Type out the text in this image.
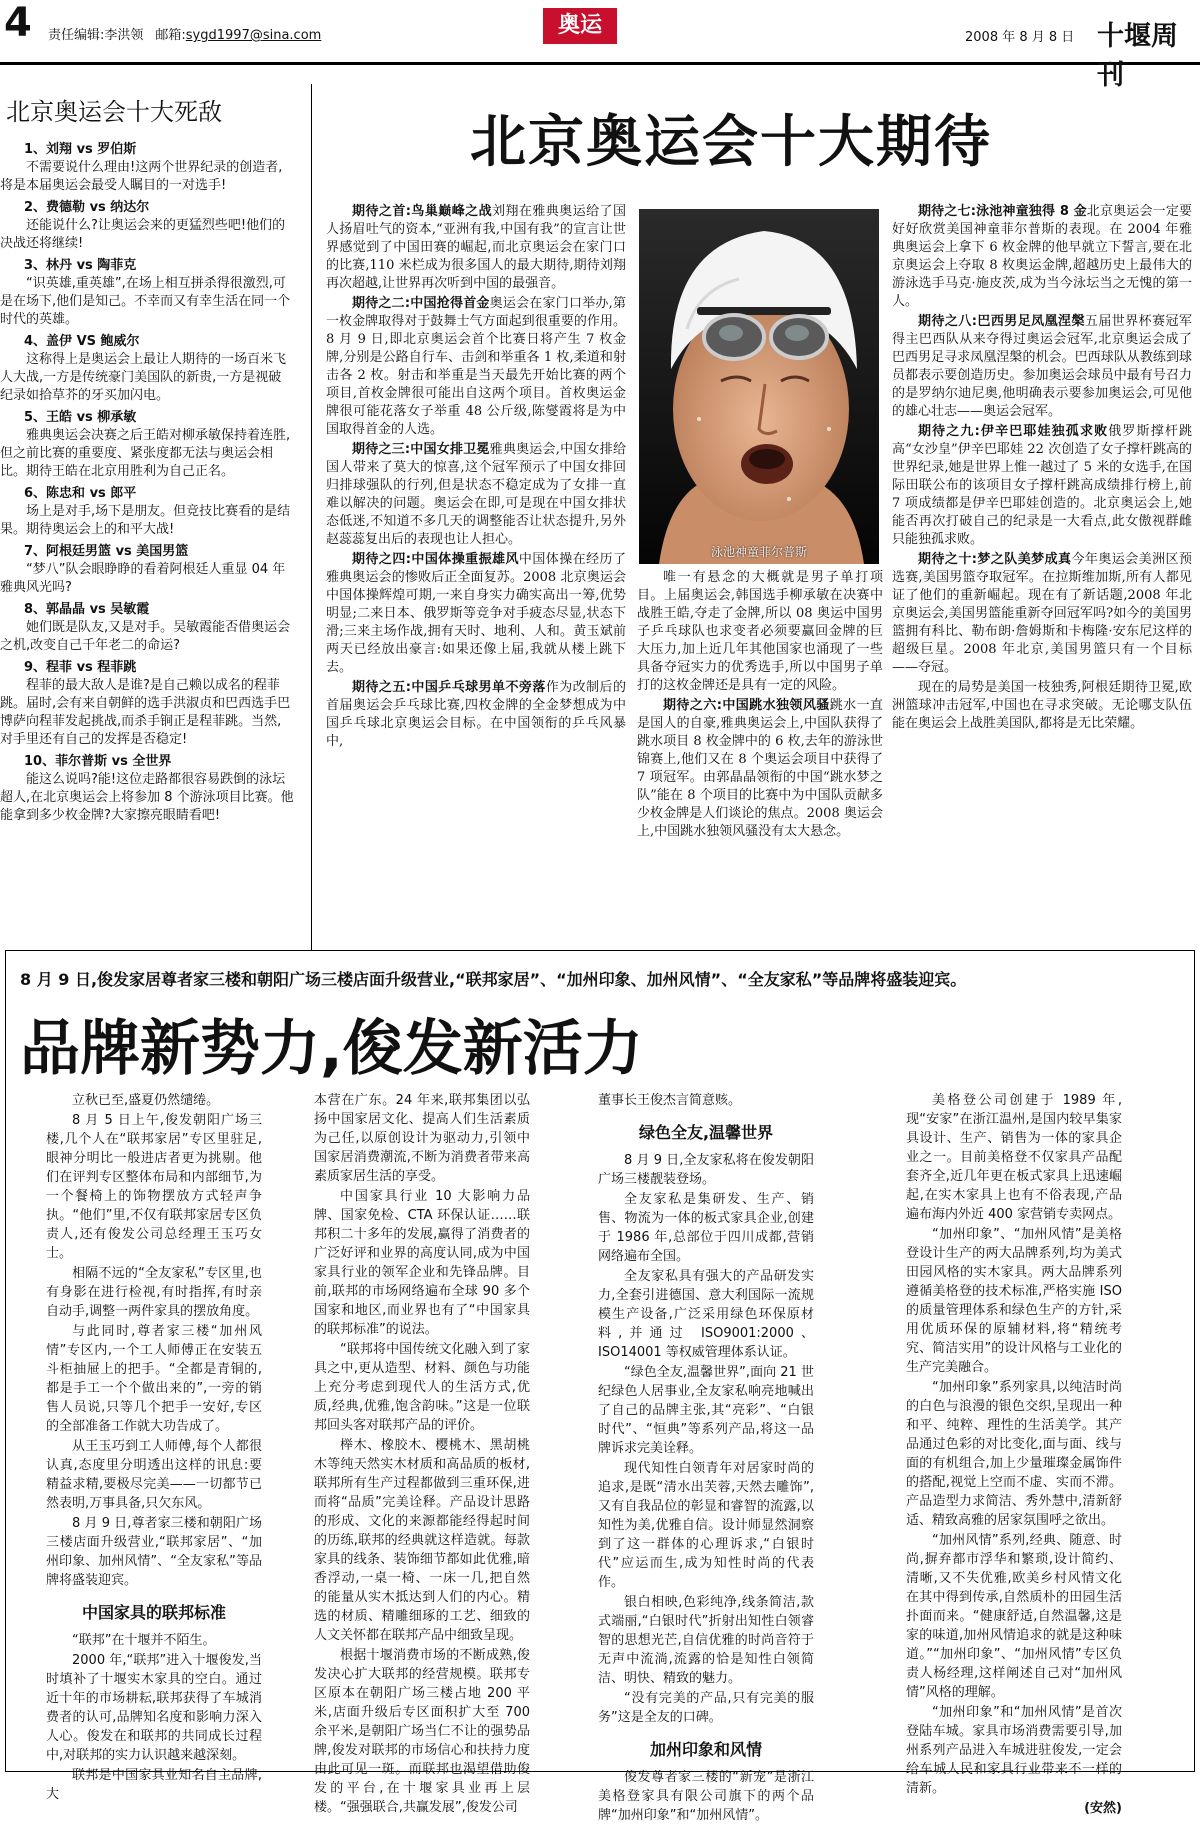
4 责任编辑:李洪领 邮箱:sygd1997@sina.com	奥运	2008 年 8 月 8 日 十堰周刊
北京奥运会十大死敌
1、刘翔 vs 罗伯斯
不需要说什么理由!这两个世界纪录的创造者,将是本届奥运会最受人瞩目的一对选手!
2、费德勒 vs 纳达尔
还能说什么?让奥运会来的更猛烈些吧!他们的决战还将继续!
3、林丹 vs 陶菲克
“识英雄,重英雄”,在场上相互拼杀得很激烈,可是在场下,他们是知己。不幸而又有幸生活在同一个时代的英雄。
4、盖伊 VS 鲍威尔
这称得上是奥运会上最让人期待的一场百米飞人大战,一方是传统豪门美国队的新贵,一方是视破纪录如拾草芥的牙买加闪电。
5、王皓 vs 柳承敏
雅典奥运会决赛之后王皓对柳承敏保持着连胜,但之前比赛的重要度、紧张度都无法与奥运会相比。期待王皓在北京用胜利为自己正名。
6、陈忠和 vs 郎平
场上是对手,场下是朋友。但竞技比赛看的是结果。期待奥运会上的和平大战!
7、阿根廷男篮 vs 美国男篮
“梦八”队会眼睁睁的看着阿根廷人重显 04 年雅典风光吗?
8、郭晶晶 vs 吴敏霞
她们既是队友,又是对手。吴敏霞能否借奥运会之机,改变自己千年老二的命运?
9、程菲 vs 程菲跳
程菲的最大敌人是谁?是自己赖以成名的程菲跳。届时,会有来自朝鲜的选手洪淑贞和巴西选手巴博萨向程菲发起挑战,而杀手锏正是程菲跳。当然,对手里还有自己的发挥是否稳定!
10、菲尔普斯 vs 全世界
能这么说吗?能!这位走路都很容易跌倒的泳坛超人,在北京奥运会上将参加 8 个游泳项目比赛。他能拿到多少枚金牌?大家擦亮眼睛看吧!
北京奥运会十大期待

期待之首:鸟巢巅峰之战刘翔在雅典奥运给了国人扬眉吐气的资本,“亚洲有我,中国有我”的宣言让世界感觉到了中国田赛的崛起,而北京奥运会在家门口的比赛,110 米栏成为很多国人的最大期待,期待刘翔再次超越,让世界再次听到中国的最强音。

期待之二:中国抢得首金奥运会在家门口举办,第一枚金牌取得对于鼓舞士气方面起到很重要的作用。8 月 9 日,即北京奥运会首个比赛日将产生 7 枚金牌,分别是公路自行车、击剑和举重各 1 枚,柔道和射击各 2 枚。射击和举重是当天最先开始比赛的两个项目,首枚金牌很可能出自这两个项目。首枚奥运金牌很可能花落女子举重 48 公斤级,陈燮霞将是为中国取得首金的人选。

期待之三:中国女排卫冕雅典奥运会,中国女排给国人带来了莫大的惊喜,这个冠军预示了中国女排回归排球强队的行列,但是状态不稳定成为了女排一直难以解决的问题。奥运会在即,可是现在中国女排状态低迷,不知道不多几天的调整能否让状态提升,另外赵蕊蕊复出后的表现也让人担心。

期待之四:中国体操重振雄风中国体操在经历了雅典奥运会的惨败后正全面复苏。2008 北京奥运会中国体操辉煌可期,一来自身实力确实高出一筹,优势明显;二来日本、俄罗斯等竞争对手疲态尽显,状态下滑;三来主场作战,拥有天时、地利、人和。黄玉斌前两天已经放出豪言:如果还像上届,我就从楼上跳下去。

期待之五:中国乒乓球男单不旁落作为改制后的首届奥运会乒乓球比赛,四枚金牌的全金梦想成为中国乒乓球北京奥运会目标。在中国领衔的乒乓风暴中,

泳池神童菲尔普斯

唯一有悬念的大概就是男子单打项目。上届奥运会,韩国选手柳承敏在决赛中战胜王皓,夺走了金牌,所以 08 奥运中国男子乒乓球队也求变者必须要赢回金牌的巨大压力,加上近几年其他国家也涌现了一些具备夺冠实力的优秀选手,所以中国男子单打的这枚金牌还是具有一定的风险。

期待之六:中国跳水独领风骚跳水一直是国人的自豪,雅典奥运会上,中国队获得了跳水项目 8 枚金牌中的 6 枚,去年的游泳世锦赛上,他们又在 8 个奥运会项目中获得了 7 项冠军。由郭晶晶领衔的中国“跳水梦之队”能在 8 个项目的比赛中为中国队贡献多少枚金牌是人们谈论的焦点。2008 奥运会上,中国跳水独领风骚没有太大悬念。

期待之七:泳池神童独得 8 金北京奥运会一定要好好欣赏美国神童菲尔普斯的表现。在 2004 年雅典奥运会上拿下 6 枚金牌的他早就立下誓言,要在北京奥运会上夺取 8 枚奥运金牌,超越历史上最伟大的游泳选手马克·施皮茨,成为当今泳坛当之无愧的第一人。

期待之八:巴西男足凤凰涅槃五届世界杯赛冠军得主巴西队从来夺得过奥运会冠军,北京奥运会成了巴西男足寻求凤凰涅槃的机会。巴西球队从教练到球员都表示要创造历史。参加奥运会球员中最有号召力的是罗纳尔迪尼奥,他明确表示要参加奥运会,可见他的雄心壮志——奥运会冠军。

期待之九:伊辛巴耶娃独孤求败俄罗斯撑杆跳高“女沙皇”伊辛巴耶娃 22 次创造了女子撑杆跳高的世界纪录,她是世界上惟一越过了 5 米的女选手,在国际田联公布的该项目女子撑杆跳高成绩排行榜上,前 7 项成绩都是伊辛巴耶娃创造的。北京奥运会上,她能否再次打破自己的纪录是一大看点,此女傲视群雌只能独孤求败。

期待之十:梦之队美梦成真今年奥运会美洲区预选赛,美国男篮夺取冠军。在拉斯维加斯,所有人都见证了他们的重新崛起。现在有了新话题,2008 年北京奥运会,美国男篮能重新夺回冠军吗?如今的美国男篮拥有科比、勒布朗·詹姆斯和卡梅隆·安东尼这样的超级巨星。2008 年北京,美国男篮只有一个目标——夺冠。

现在的局势是美国一枝独秀,阿根廷期待卫冕,欧洲篮球冲击冠军,中国也在寻求突破。无论哪支队伍能在奥运会上战胜美国队,都将是无比荣耀。

8 月 9 日,俊发家居尊者家三楼和朝阳广场三楼店面升级营业,“联邦家居”、“加州印象、加州风情”、“全友家私”等品牌将盛装迎宾。
品牌新势力,俊发新活力

立秋已至,盛夏仍然缱绻。

8 月 5 日上午,俊发朝阳广场三楼,几个人在“联邦家居”专区里驻足,眼神分明比一般进店者更为挑剔。他们在评判专区整体布局和内部细节,为一个餐椅上的饰物摆放方式轻声争执。“他们”里,不仅有联邦家居专区负责人,还有俊发公司总经理王玉巧女士。

相隔不远的“全友家私”专区里,也有身影在进行检视,有时指挥,有时亲自动手,调整一两件家具的摆放角度。

与此同时,尊者家三楼“加州风情”专区内,一个工人师傅正在安装五斗柜抽屉上的把手。“全都是青铜的,都是手工一个个做出来的”,一旁的销售人员说,只等几个把手一安好,专区的全部准备工作就大功告成了。

从王玉巧到工人师傅,每个人都很认真,态度里分明透出这样的讯息:要精益求精,要极尽完美——一切都节已然表明,万事具备,只欠东风。

8 月 9 日,尊者家三楼和朝阳广场三楼店面升级营业,“联邦家居”、“加州印象、加州风情”、“全友家私”等品牌将盛装迎宾。

中国家具的联邦标准

“联邦”在十堰并不陌生。

2000 年,“联邦”进入十堰俊发,当时填补了十堰实木家具的空白。通过近十年的市场耕耘,联邦获得了车城消费者的认可,品牌知名度和影响力深入人心。俊发在和联邦的共同成长过程中,对联邦的实力认识越来越深刻。

联邦是中国家具业知名自主品牌,大

本营在广东。24 年来,联邦集团以弘扬中国家居文化、提高人们生活素质为己任,以原创设计为驱动力,引领中国家居消费潮流,不断为消费者带来高素质家居生活的享受。

中国家具行业 10 大影响力品牌、国家免检、CTA 环保认证……联邦积二十多年的发展,赢得了消费者的广泛好评和业界的高度认同,成为中国家具行业的领军企业和先锋品牌。目前,联邦的市场网络遍布全球 90 多个国家和地区,而业界也有了“中国家具的联邦标准”的说法。

“联邦将中国传统文化融入到了家具之中,更从造型、材料、颜色与功能上充分考虑到现代人的生活方式,优质,经典,优雅,饱含韵味。”这是一位联邦回头客对联邦产品的评价。

榉木、橡胶木、樱桃木、黑胡桃木等纯天然实木材质和高品质的板材,联邦所有生产过程都做到三重环保,进而将“品质”完美诠释。产品设计思路的形成、文化的来源都能经得起时间的历练,联邦的经典就这样造就。每款家具的线条、装饰细节都如此优雅,暗香浮动,一桌一椅、一床一几,把自然的能量从实木抵达到人们的内心。精选的材质、精雕细琢的工艺、细致的人文关怀都在联邦产品中细致呈现。

根据十堰消费市场的不断成熟,俊发决心扩大联邦的经营规模。联邦专区原本在朝阳广场三楼占地 200 平米,店面升级后专区面积扩大至 700 余平米,是朝阳广场当仁不让的强势品牌,俊发对联邦的市场信心和扶持力度由此可见一斑。而联邦也渴望借助俊发的平台,在十堰家具业再上层楼。“强强联合,共赢发展”,俊发公司

董事长王俊杰言简意赅。

绿色全友,温馨世界

8 月 9 日,全友家私将在俊发朝阳广场三楼靓装登场。

全友家私是集研发、生产、销售、物流为一体的板式家具企业,创建于 1986 年,总部位于四川成都,营销网络遍布全国。

全友家私具有强大的产品研发实力,全套引进德国、意大利国际一流规模生产设备,广泛采用绿色环保原材料,并通过 ISO9001:2000、ISO14001 等权威管理体系认证。

“绿色全友,温馨世界”,面向 21 世纪绿色人居事业,全友家私响亮地喊出了自己的品牌主张,其“亮彩”、“白银时代”、“恒典”等系列产品,将这一品牌诉求完美诠释。

现代知性白领青年对居家时尚的追求,是既“清水出芙蓉,天然去雕饰”,又有自我品位的彰显和睿智的流露,以知性为美,优雅自信。设计师显然洞察到了这一群体的心理诉求,“白银时代”应运而生,成为知性时尚的代表作。

银白相映,色彩纯净,线条简洁,款式端丽,“白银时代”折射出知性白领睿智的思想光芒,自信优雅的时尚音符于无声中流淌,流露的恰是知性白领简洁、明快、精致的魅力。

“没有完美的产品,只有完美的服务”这是全友的口碑。

加州印象和风情

俊发尊者家三楼的“新宠”是浙江美格登家具有限公司旗下的两个品牌“加州印象”和“加州风情”。

美格登公司创建于 1989 年,现“安家”在浙江温州,是国内较早集家具设计、生产、销售为一体的家具企业之一。目前美格登不仅家具产品配套齐全,近几年更在板式家具上迅速崛起,在实木家具上也有不俗表现,产品遍布海内外近 400 家营销专卖网点。

“加州印象”、“加州风情”是美格登设计生产的两大品牌系列,均为美式田园风格的实木家具。两大品牌系列遵循美格登的技术标准,严格实施 ISO 的质量管理体系和绿色生产的方针,采用优质环保的原辅材料,将“精统考究、简洁实用”的设计风格与工业化的生产完美融合。

“加州印象”系列家具,以纯洁时尚的白色与浪漫的银色交织,呈现出一种和平、纯粹、理性的生活美学。其产品通过色彩的对比变化,面与面、线与面的有机组合,加上少量璀璨金属饰件的搭配,视觉上空而不虚、实而不滞。产品造型力求简洁、秀外慧中,清新舒适、精致高雅的居家氛围呼之欲出。

“加州风情”系列,经典、随意、时尚,摒弃都市浮华和繁琐,设计简约、清晰,又不失优雅,欧美乡村风情文化在其中得到传承,自然质朴的田园生活扑面而来。“健康舒适,自然温馨,这是家的味道,加州风情追求的就是这种味道。”“加州印象”、“加州风情”专区负责人杨经理,这样阐述自己对“加州风情”风格的理解。

“加州印象”和“加州风情”是首次登陆车城。家具市场消费需要引导,加州系列产品进入车城进驻俊发,一定会给车城人民和家具行业带来不一样的清新。

(安然)
